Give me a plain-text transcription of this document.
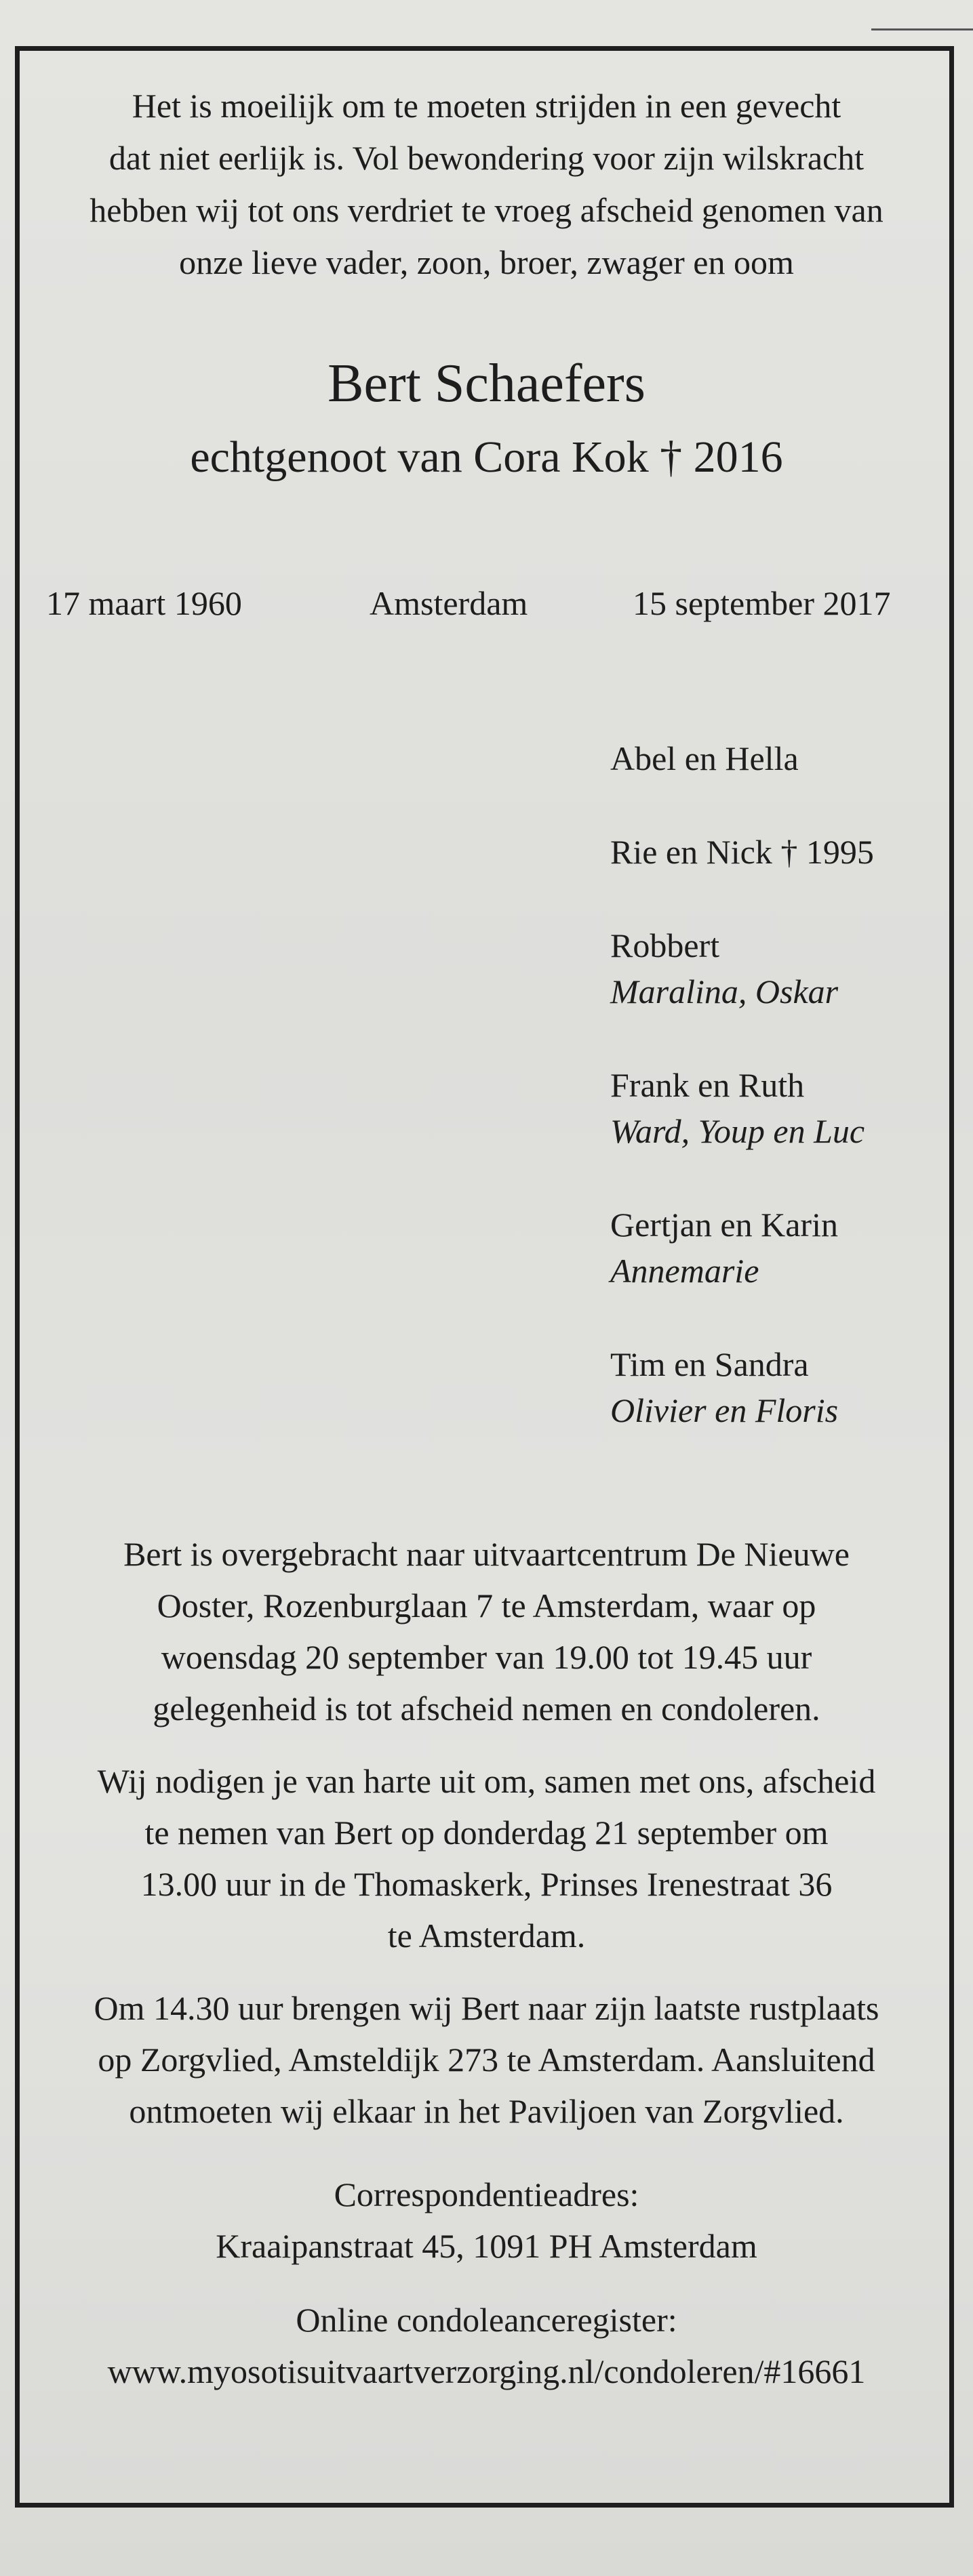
Het is moeilijk om te moeten strijden in een gevecht
dat niet eerlijk is. Vol bewondering voor zijn wilskracht
hebben wij tot ons verdriet te vroeg afscheid genomen van
onze lieve vader, zoon, broer, zwager en oom
Bert Schaefers
echtgenoot van Cora Kok † 2016
17 maart 1960	Amsterdam	15 september 2017
Abel en Hella
Rie en Nick † 1995
Robbert
Maralina, Oskar
Frank en Ruth
Ward, Youp en Luc
Gertjan en Karin
Annemarie
Tim en Sandra
Olivier en Floris
Bert is overgebracht naar uitvaartcentrum De Nieuwe
Ooster, Rozenburglaan 7 te Amsterdam, waar op
woensdag 20 september van 19.00 tot 19.45 uur
gelegenheid is tot afscheid nemen en condoleren.
Wij nodigen je van harte uit om, samen met ons, afscheid
te nemen van Bert op donderdag 21 september om
13.00 uur in de Thomaskerk, Prinses Irenestraat 36
te Amsterdam.
Om 14.30 uur brengen wij Bert naar zijn laatste rustplaats
op Zorgvlied, Amsteldijk 273 te Amsterdam. Aansluitend
ontmoeten wij elkaar in het Paviljoen van Zorgvlied.
Correspondentieadres:
Kraaipanstraat 45, 1091 PH Amsterdam
Online condoleanceregister:
www.myosotisuitvaartverzorging.nl/condoleren/#16661
